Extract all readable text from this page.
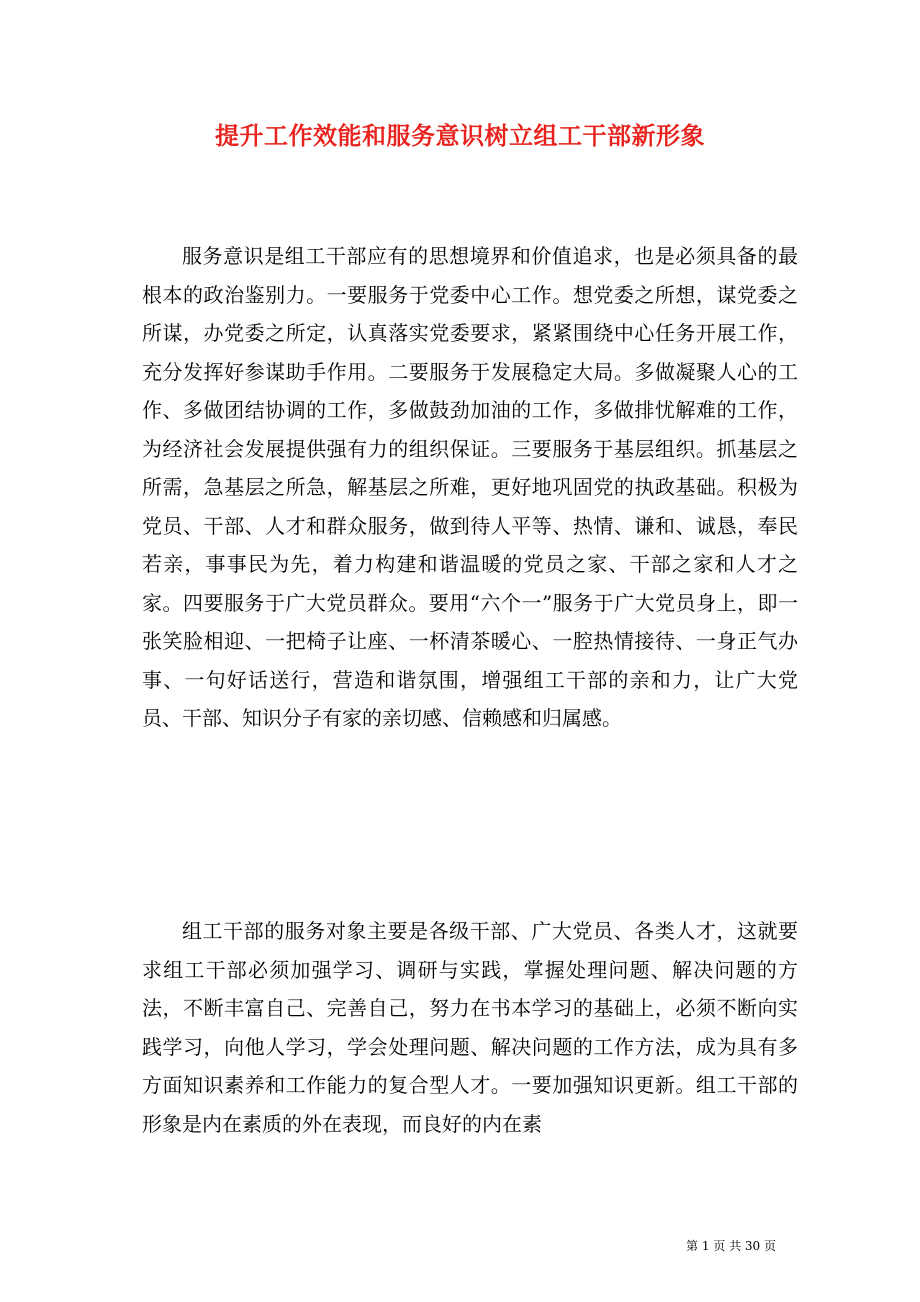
提升工作效能和服务意识树立组工干部新形象

服务意识是组工干部应有的思想境界和价值追求，也是必须具备的最根本的政治鉴别力。一要服务于党委中心工作。想党委之所想，谋党委之所谋，办党委之所定，认真落实党委要求，紧紧围绕中心任务开展工作，充分发挥好参谋助手作用。二要服务于发展稳定大局。多做凝聚人心的工作、多做团结协调的工作，多做鼓劲加油的工作，多做排忧解难的工作，为经济社会发展提供强有力的组织保证。三要服务于基层组织。抓基层之所需，急基层之所急，解基层之所难，更好地巩固党的执政基础。积极为党员、干部、人才和群众服务，做到待人平等、热情、谦和、诚恳，奉民若亲，事事民为先，着力构建和谐温暖的党员之家、干部之家和人才之家。四要服务于广大党员群众。要用“六个一”服务于广大党员身上，即一张笑脸相迎、一把椅子让座、一杯清茶暖心、一腔热情接待、一身正气办事、一句好话送行，营造和谐氛围，增强组工干部的亲和力，让广大党员、干部、知识分子有家的亲切感、信赖感和归属感。

组工干部的服务对象主要是各级干部、广大党员、各类人才，这就要求组工干部必须加强学习、调研与实践，掌握处理问题、解决问题的方法，不断丰富自己、完善自己，努力在书本学习的基础上，必须不断向实践学习，向他人学习，学会处理问题、解决问题的工作方法，成为具有多方面知识素养和工作能力的复合型人才。一要加强知识更新。组工干部的形象是内在素质的外在表现，而良好的内在素

第 1 页 共 30 页
